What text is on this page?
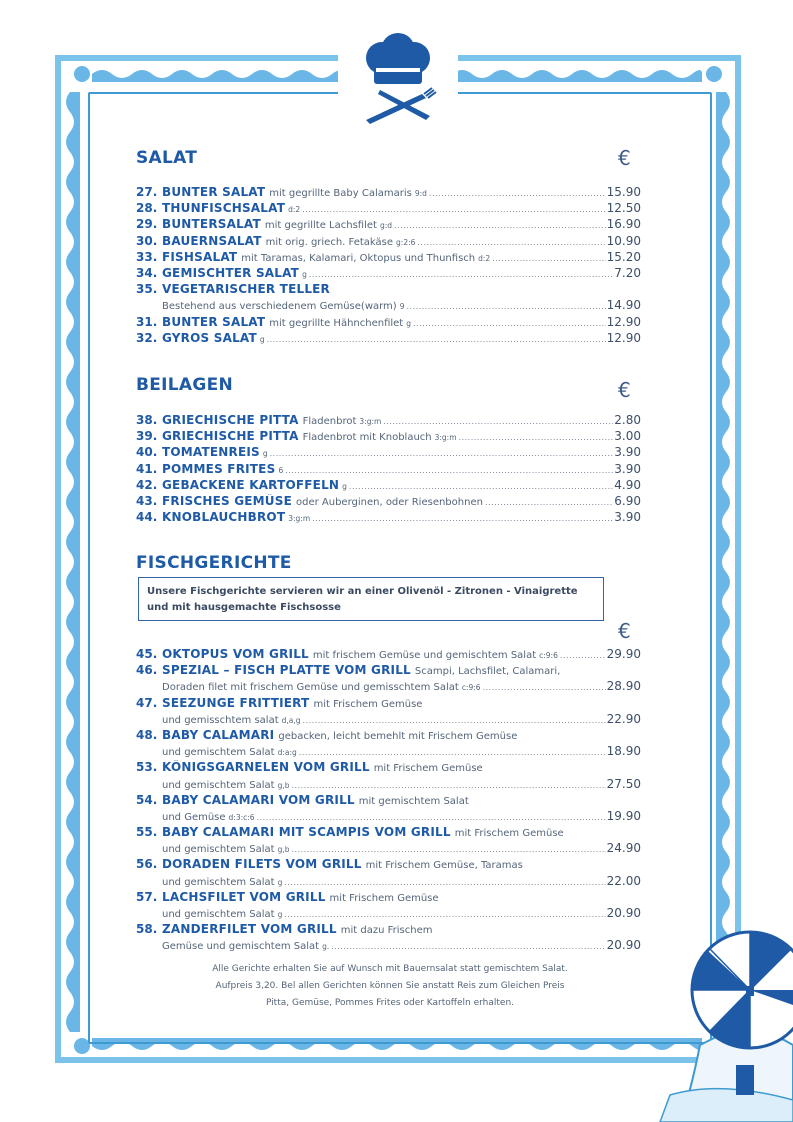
SALAT	€
27. BUNTER SALAT mit gegrillte Baby Calamaris 9:d .....	15.90
28. THUNFISCHSALAT d:2 .....	12.50
29. BUNTERSALAT mit gegrillte Lachsfilet g:d .....	16.90
30. BAUERNSALAT mit orig. griech. Fetakäse g:2:6 .....	10.90
33. FISHSALAT mit Taramas, Kalamari, Oktopus und Thunfisch d:2 .....	15.20
34. GEMISCHTER SALAT g .....	7.20
35. VEGETARISCHER TELLER
Bestehend aus verschiedenem Gemüse(warm) 9 .....	14.90
31. BUNTER SALAT mit gegrillte Hähnchenfilet g .....	12.90
32. GYROS SALAT g .....	12.90
BEILAGEN	€
38. GRIECHISCHE PITTA Fladenbrot 3:g:m .....	2.80
39. GRIECHISCHE PITTA Fladenbrot mit Knoblauch 3:g:m .....	3.00
40. TOMATENREIS g .....	3.90
41. POMMES FRITES 6 .....	3.90
42. GEBACKENE KARTOFFELN g .....	4.90
43. FRISCHES GEMÜSE oder Auberginen, oder Riesenbohnen .....	6.90
44. KNOBLAUCHBROT 3:g:m .....	3.90
FISCHGERICHTE
Unsere Fischgerichte servieren wir an einer Olivenöl - Zitronen - Vinaigrette
und mit hausgemachte Fischsosse
€
45. OKTOPUS VOM GRILL mit frischem Gemüse und gemischtem Salat c:9:6 .....	29.90
46. SPEZIAL – FISCH PLATTE VOM GRILL Scampi, Lachsfilet, Calamari,
Doraden filet mit frischem Gemüse und gemisschtem Salat c:9:6 .....	28.90
47. SEEZUNGE FRITTIERT mit Frischem Gemüse
und gemisschtem salat d,a,g .....	22.90
48. BABY CALAMARI gebacken, leicht bemehlt mit Frischem Gemüse
und gemischtem Salat d:a:g .....	18.90
53. KÖNIGSGARNELEN VOM GRILL mit Frischem Gemüse
und gemischtem Salat g,b .....	27.50
54. BABY CALAMARI VOM GRILL mit gemischtem Salat
und Gemüse d:3:c:6 .....	19.90
55. BABY CALAMARI MIT SCAMPIS VOM GRILL mit Frischem Gemüse
und gemischtem Salat g,b .....	24.90
56. DORADEN FILETS VOM GRILL mit Frischem Gemüse, Taramas
und gemischtem Salat g .....	22.00
57. LACHSFILET VOM GRILL mit Frischem Gemüse
und gemischtem Salat g .....	20.90
58. ZANDERFILET VOM GRILL mit dazu Frischem
Gemüse und gemischtem Salat g. .....	20.90
Alle Gerichte erhalten Sie auf Wunsch mit Bauernsalat statt gemischtem Salat.
Aufpreis 3,20. Bel allen Gerichten können Sie anstatt Reis zum Gleichen Preis
Pitta, Gemüse, Pommes Frites oder Kartoffeln erhalten.
